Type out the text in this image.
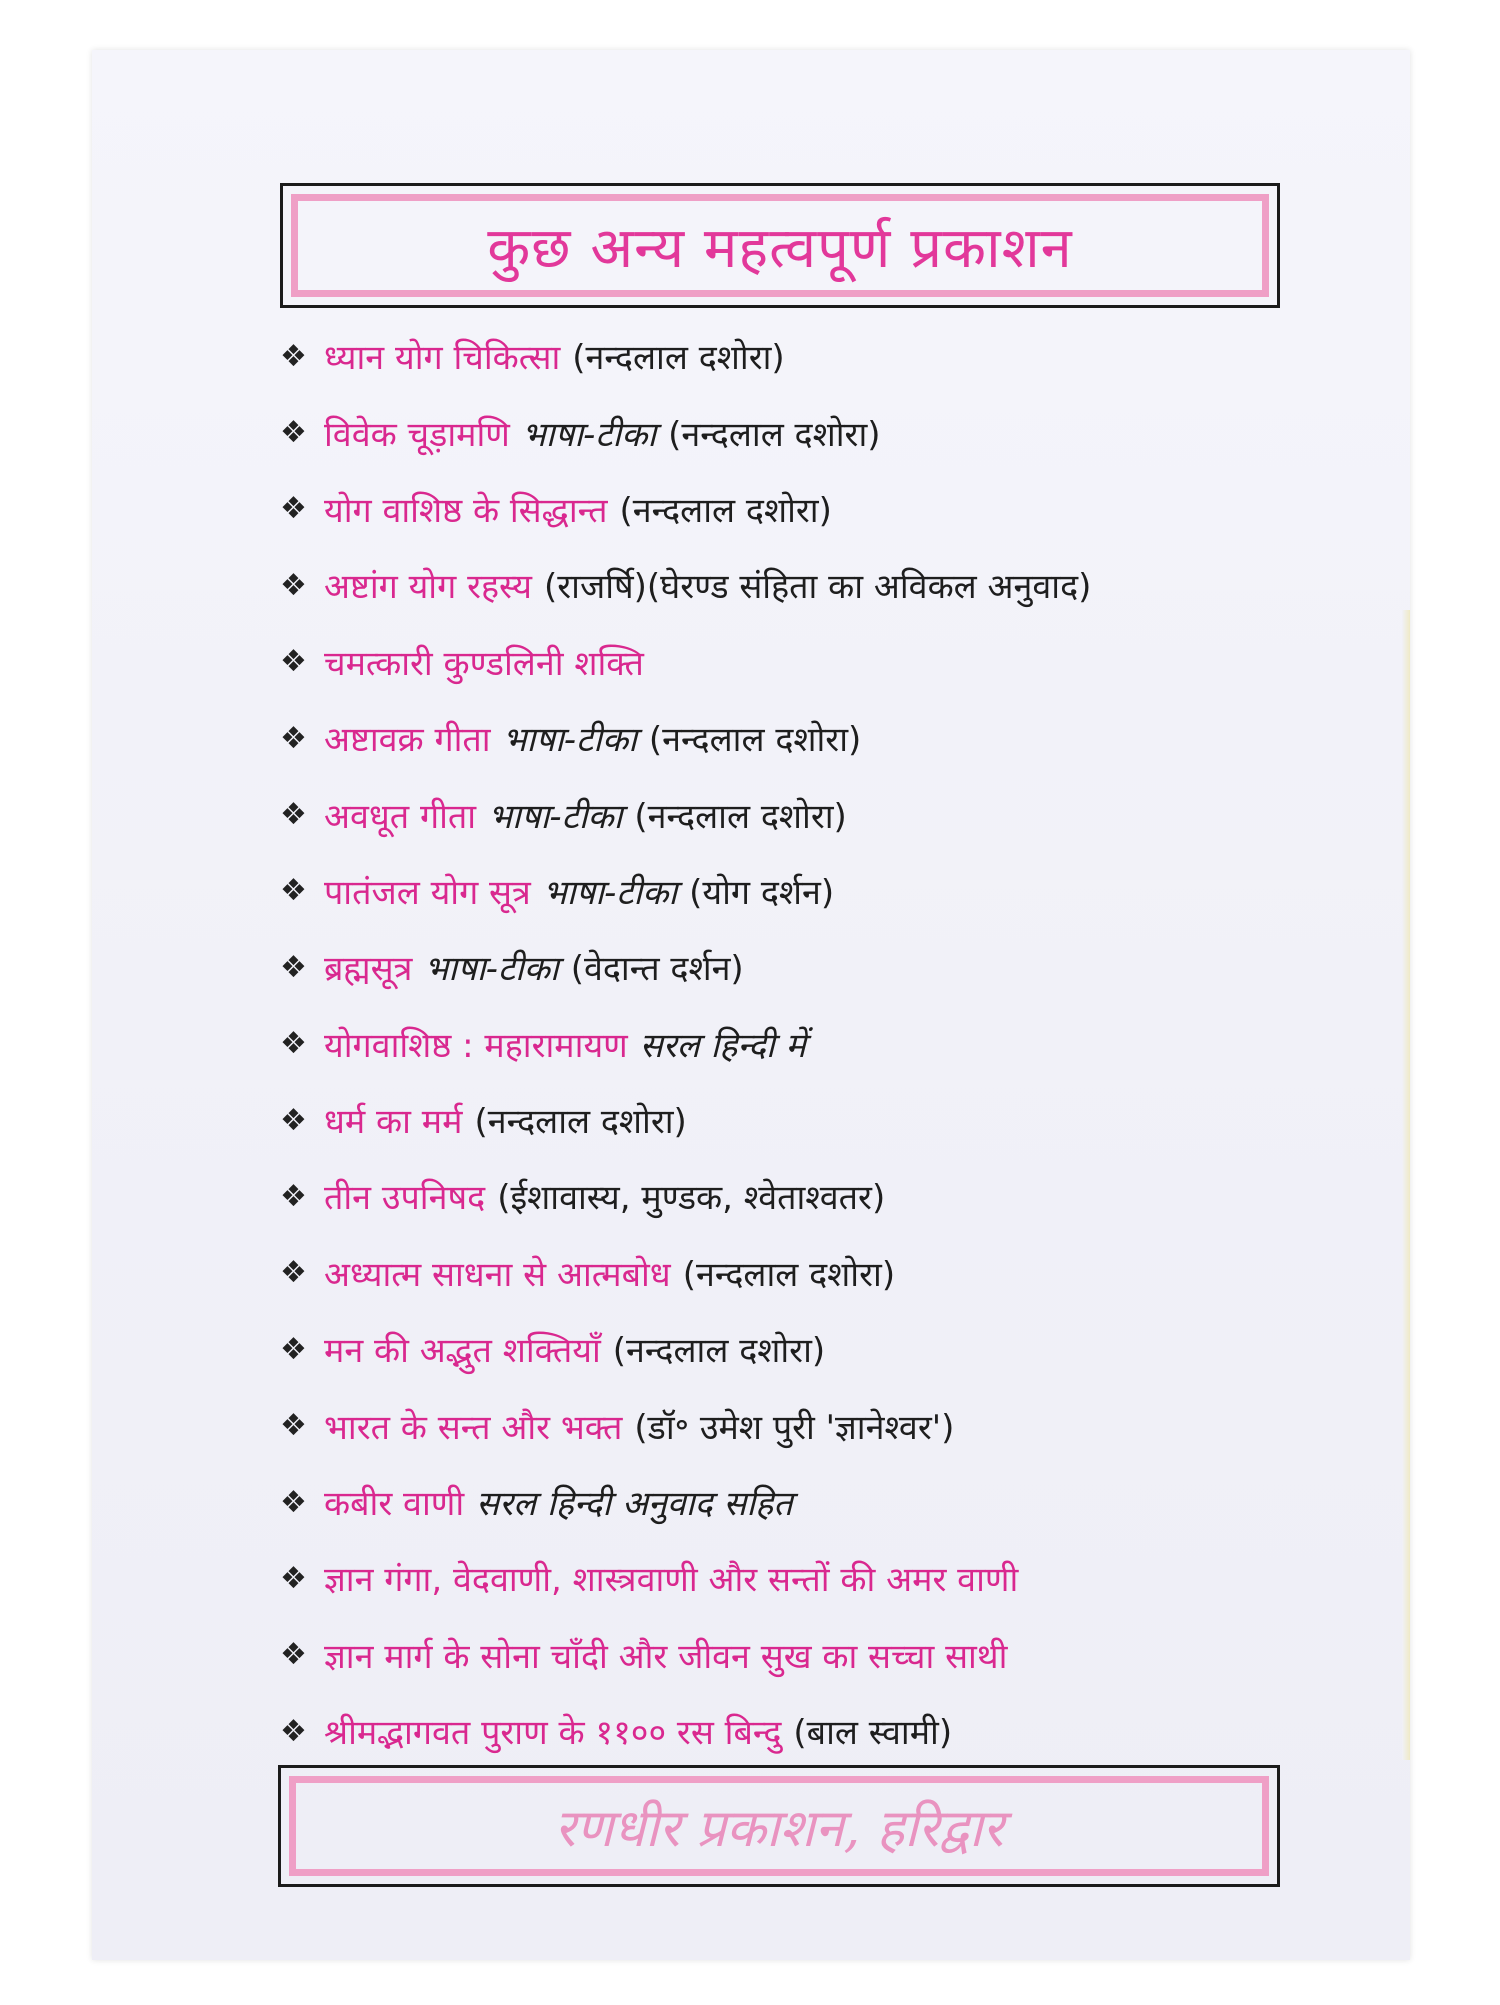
कुछ अन्य महत्वपूर्ण प्रकाशन
❖ ध्यान योग चिकित्सा (नन्दलाल दशोरा)
❖ विवेक चूड़ामणि भाषा-टीका (नन्दलाल दशोरा)
❖ योग वाशिष्ठ के सिद्धान्त (नन्दलाल दशोरा)
❖ अष्टांग योग रहस्य (राजर्षि)(घेरण्ड संहिता का अविकल अनुवाद)
❖ चमत्कारी कुण्डलिनी शक्ति
❖ अष्टावक्र गीता भाषा-टीका (नन्दलाल दशोरा)
❖ अवधूत गीता भाषा-टीका (नन्दलाल दशोरा)
❖ पातंजल योग सूत्र भाषा-टीका (योग दर्शन)
❖ ब्रह्मसूत्र भाषा-टीका (वेदान्त दर्शन)
❖ योगवाशिष्ठ : महारामायण सरल हिन्दी में
❖ धर्म का मर्म (नन्दलाल दशोरा)
❖ तीन उपनिषद (ईशावास्य, मुण्डक, श्वेताश्वतर)
❖ अध्यात्म साधना से आत्मबोध (नन्दलाल दशोरा)
❖ मन की अद्भुत शक्तियाँ (नन्दलाल दशोरा)
❖ भारत के सन्त और भक्त (डॉ॰ उमेश पुरी 'ज्ञानेश्वर')
❖ कबीर वाणी सरल हिन्दी अनुवाद सहित
❖ ज्ञान गंगा, वेदवाणी, शास्त्रवाणी और सन्तों की अमर वाणी
❖ ज्ञान मार्ग के सोना चाँदी और जीवन सुख का सच्चा साथी
❖ श्रीमद्भागवत पुराण के ११०० रस बिन्दु (बाल स्वामी)
रणधीर प्रकाशन, हरिद्वार
